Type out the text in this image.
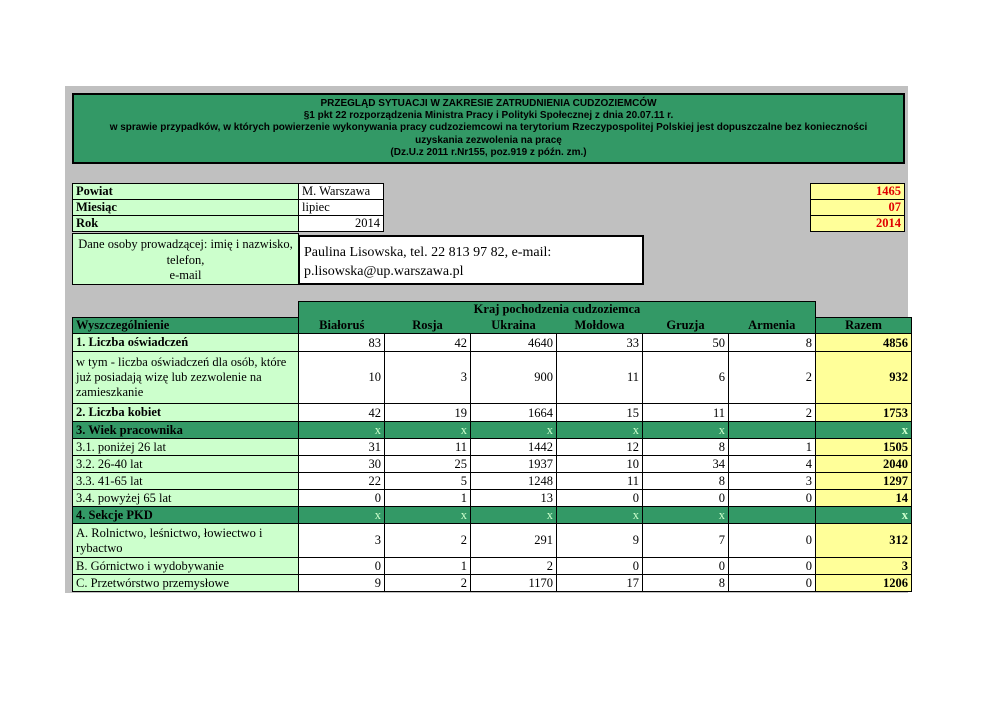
PRZEGLĄD SYTUACJI W ZAKRESIE ZATRUDNIENIA CUDZOZIEMCÓW
§1 pkt 22 rozporządzenia Ministra Pracy i Polityki Społecznej z dnia 20.07.11 r.
w sprawie przypadków, w których powierzenie wykonywania pracy cudzoziemcowi na terytorium Rzeczypospolitej Polskiej jest dopuszczalne bez konieczności
uzyskania zezwolenia na pracę
(Dz.U.z 2011 r.Nr155, poz.919 z późn. zm.)
Powiat	M. Warszawa
Miesiąc	lipiec
Rok	2014
1465
07
2014
Dane osoby prowadzącej: imię i nazwisko,
telefon,
e-mail
Paulina Lisowska, tel. 22 813 97 82, e-mail:
p.lisowska@up.warszawa.pl
	Kraj pochodzenia cudzoziemca						
Wyszczególnienie	Białoruś	Rosja	Ukraina	Mołdowa	Gruzja	Armenia	Razem
1. Liczba oświadczeń	83	42	4640	33	50	8	4856
w tym - liczba oświadczeń dla osób, które już posiadają wizę lub zezwolenie na zamieszkanie	10	3	900	11	6	2	932
2. Liczba kobiet	42	19	1664	15	11	2	1753
3. Wiek pracownika	x	x	x	x	x		x
3.1. poniżej 26 lat	31	11	1442	12	8	1	1505
3.2. 26-40 lat	30	25	1937	10	34	4	2040
3.3. 41-65 lat	22	5	1248	11	8	3	1297
3.4. powyżej 65 lat	0	1	13	0	0	0	14
4. Sekcje PKD	x	x	x	x	x		x
A. Rolnictwo, leśnictwo, łowiectwo i rybactwo	3	2	291	9	7	0	312
B. Górnictwo i wydobywanie	0	1	2	0	0	0	3
C. Przetwórstwo przemysłowe	9	2	1170	17	8	0	1206
